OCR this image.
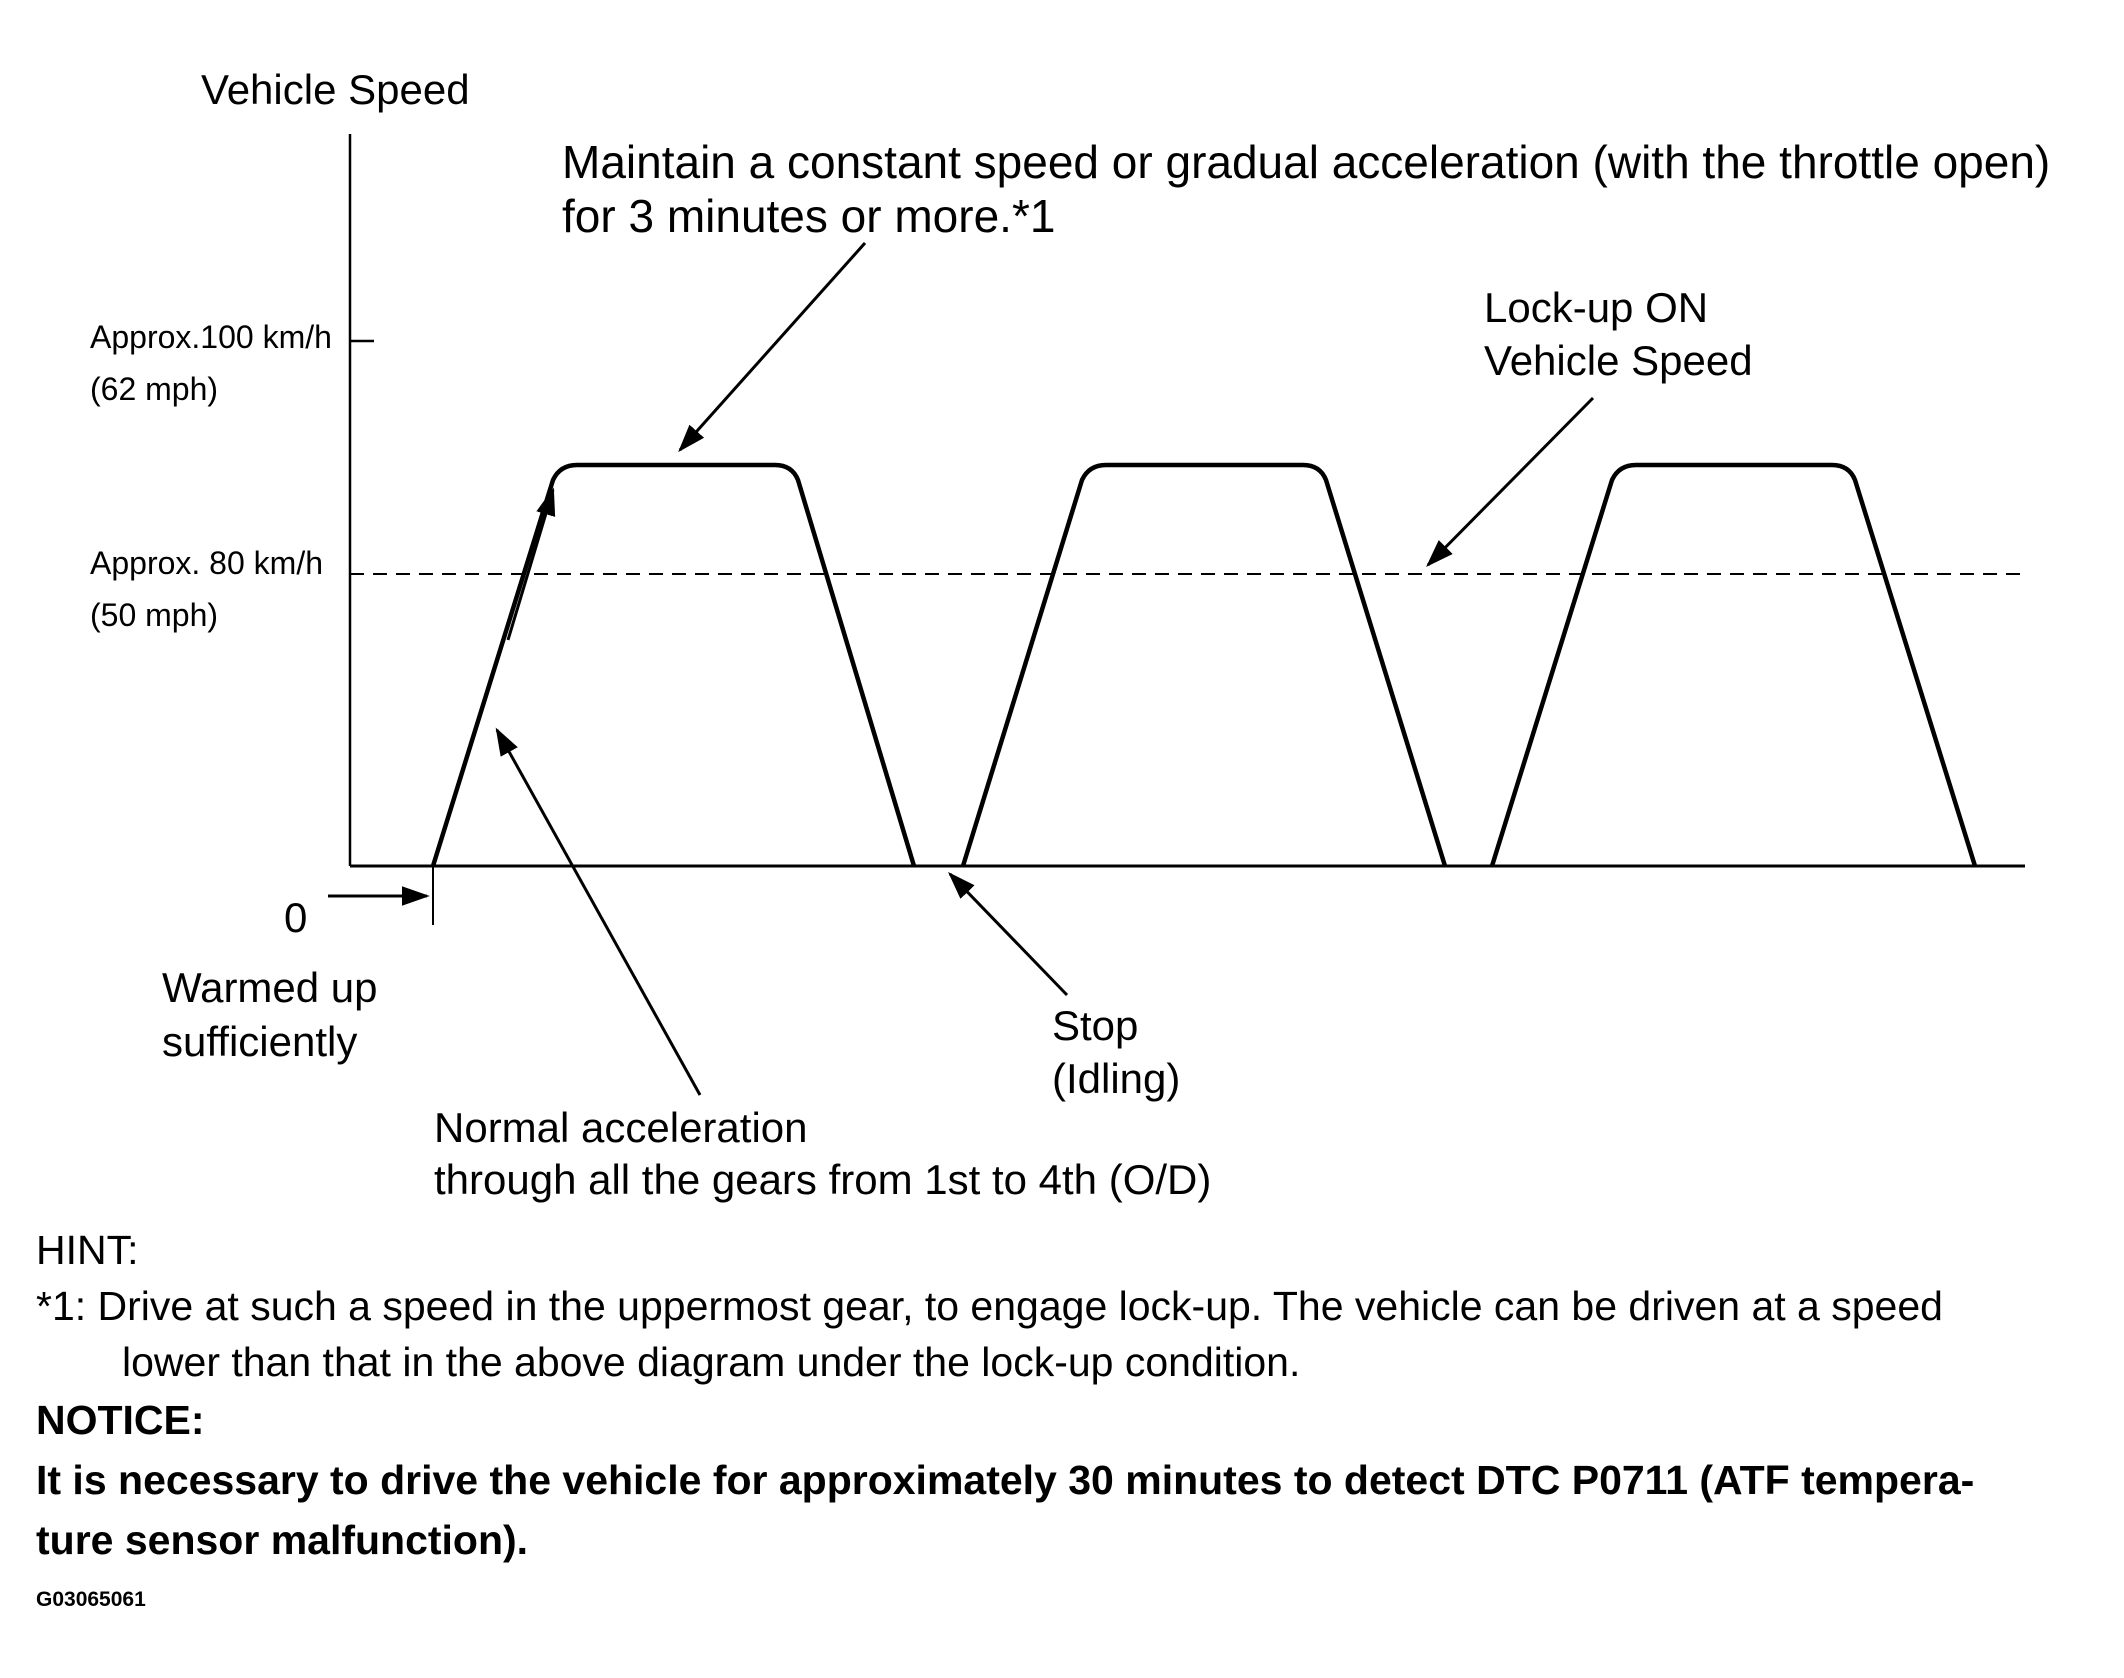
Vehicle Speed
Approx.100 km/h
(62 mph)
Approx. 80 km/h
(50 mph)
0
Maintain a constant speed or gradual acceleration (with the throttle open)
for 3 minutes or more.*1
Lock-up ON
Vehicle Speed
Warmed up
sufficiently	Stop
(Idling)
Normal acceleration
through all the gears from 1st to 4th (O/D)
HINT:
*1: Drive at such a speed in the uppermost gear, to engage lock-up. The vehicle can be driven at a speed
lower than that in the above diagram under the lock-up condition.
NOTICE:
It is necessary to drive the vehicle for approximately 30 minutes to detect DTC P0711 (ATF tempera-
ture sensor malfunction).
G03065061
